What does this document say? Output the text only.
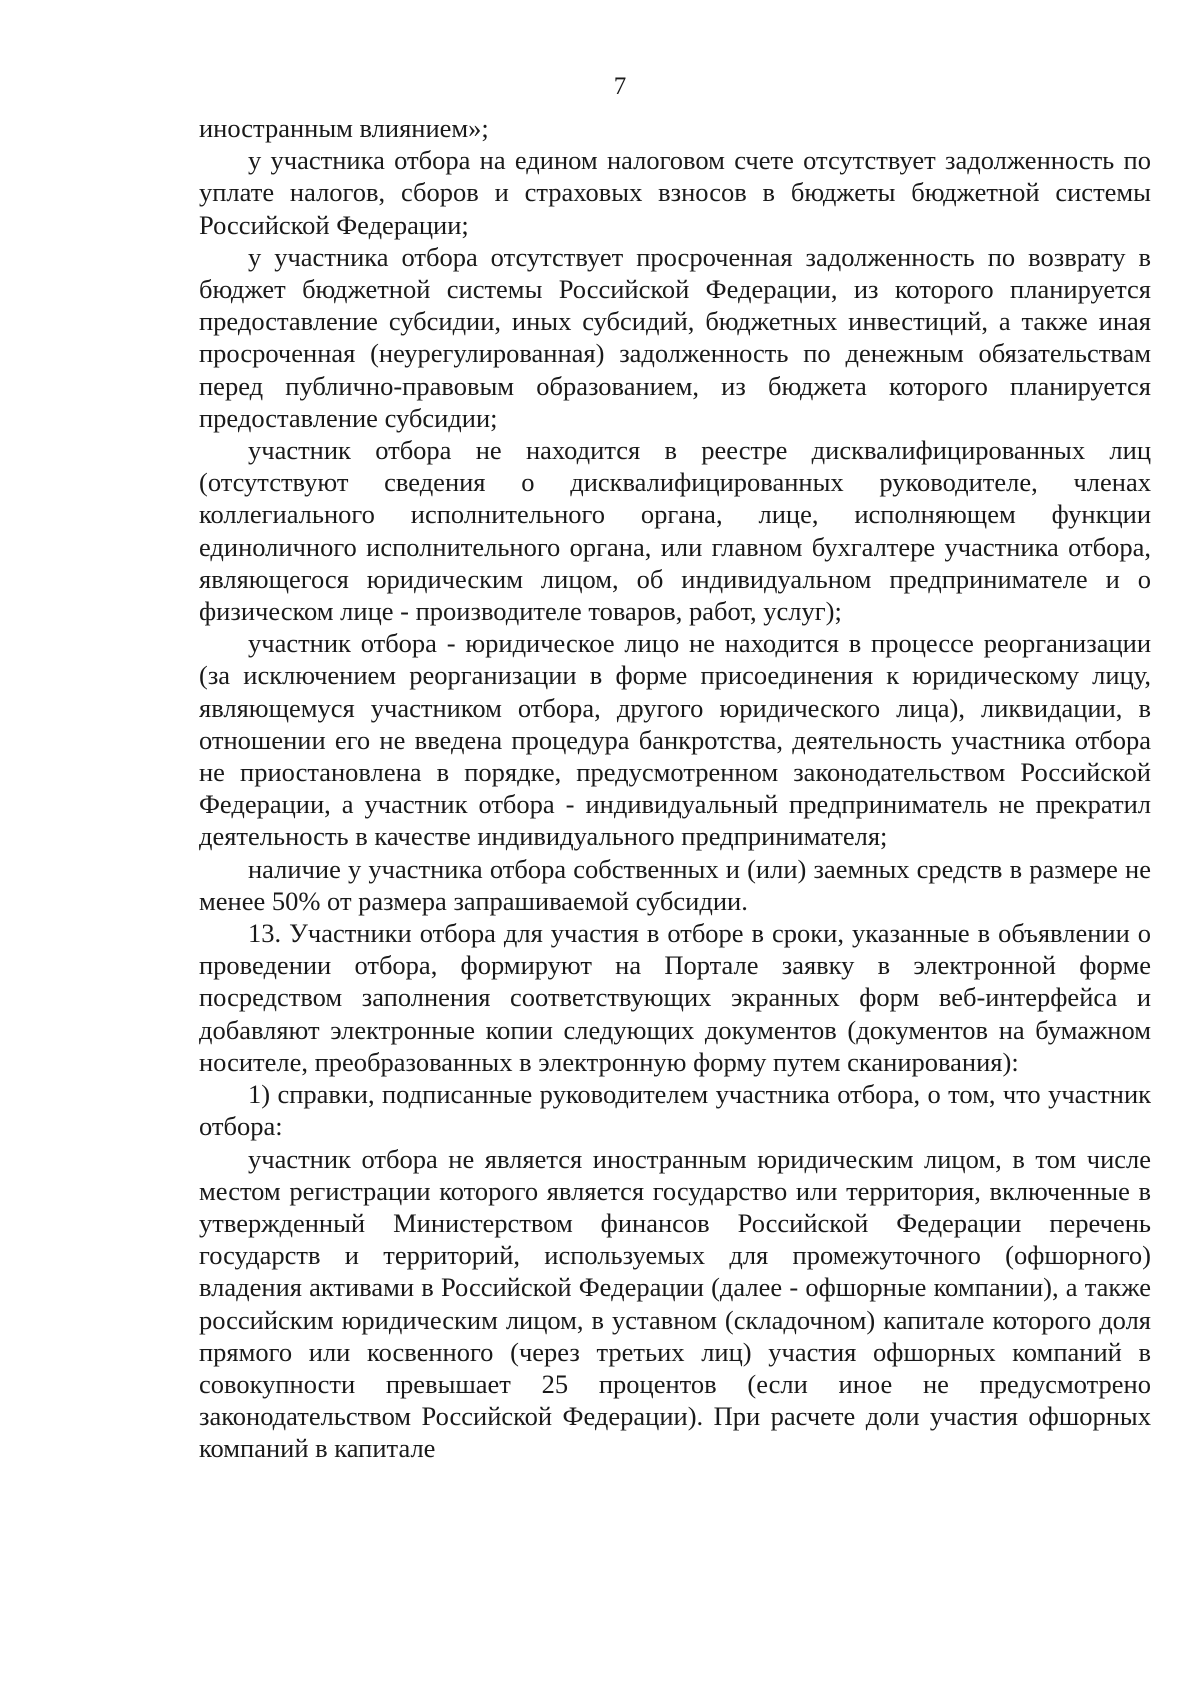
7

иностранным влиянием»;

у участника отбора на едином налоговом счете отсутствует задолженность по уплате налогов, сборов и страховых взносов в бюджеты бюджетной системы Российской Федерации;

у участника отбора отсутствует просроченная задолженность по возврату в бюджет бюджетной системы Российской Федерации, из которого планируется предоставление субсидии, иных субсидий, бюджетных инвестиций, а также иная просроченная (неурегулированная) задолженность по денежным обязательствам перед публично-правовым образованием, из бюджета которого планируется предоставление субсидии;

участник отбора не находится в реестре дисквалифицированных лиц (отсутствуют сведения о дисквалифицированных руководителе, членах коллегиального исполнительного органа, лице, исполняющем функции единоличного исполнительного органа, или главном бухгалтере участника отбора, являющегося юридическим лицом, об индивидуальном предпринимателе и о физическом лице - производителе товаров, работ, услуг);

участник отбора - юридическое лицо не находится в процессе реорганизации (за исключением реорганизации в форме присоединения к юридическому лицу, являющемуся участником отбора, другого юридического лица), ликвидации, в отношении его не введена процедура банкротства, деятельность участника отбора не приостановлена в порядке, предусмотренном законодательством Российской Федерации, а участник отбора - индивидуальный предприниматель не прекратил деятельность в качестве индивидуального предпринимателя;

наличие у участника отбора собственных и (или) заемных средств в размере не менее 50% от размера запрашиваемой субсидии.

13. Участники отбора для участия в отборе в сроки, указанные в объявлении о проведении отбора, формируют на Портале заявку в электронной форме посредством заполнения соответствующих экранных форм веб-интерфейса и добавляют электронные копии следующих документов (документов на бумажном носителе, преобразованных в электронную форму путем сканирования):

1) справки, подписанные руководителем участника отбора, о том, что участник отбора:

участник отбора не является иностранным юридическим лицом, в том числе местом регистрации которого является государство или территория, включенные в утвержденный Министерством финансов Российской Федерации перечень государств и территорий, используемых для промежуточного (офшорного) владения активами в Российской Федерации (далее - офшорные компании), а также российским юридическим лицом, в уставном (складочном) капитале которого доля прямого или косвенного (через третьих лиц) участия офшорных компаний в совокупности превышает 25 процентов (если иное не предусмотрено законодательством Российской Федерации). При расчете доли участия офшорных компаний в капитале
